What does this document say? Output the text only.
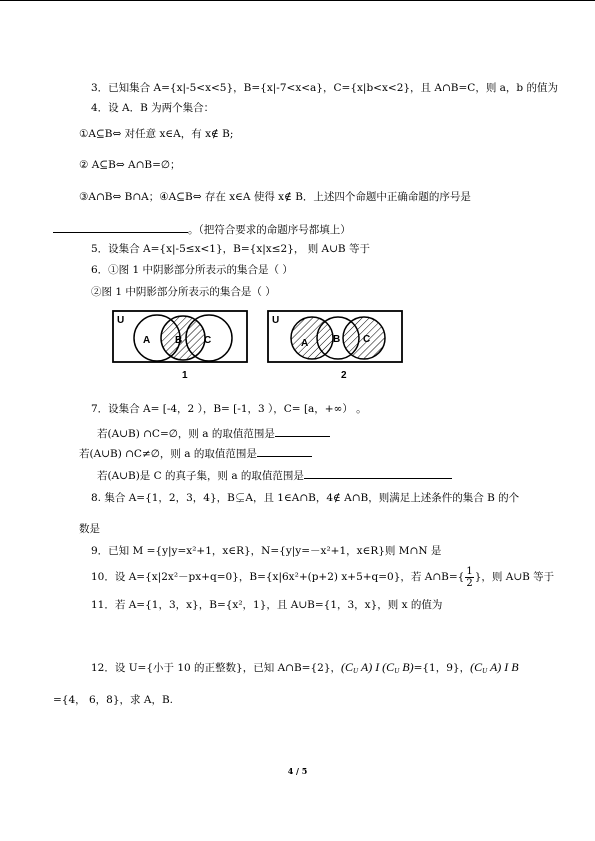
3．已知集合 A={x|-5<x<5}，B={x|-7<x<a}，C={x|b<x<2}，且 A∩B=C，则 a，b 的值为
4．设 A．B 为两个集合：
①A⊆B⇔ 对任意 x∈A，有 x∉ B;
② A⊆B⇔ A∩B=∅；
③A∩B⇔ B∩A；④A⊆B⇔ 存在 x∈A 使得 x∉ B．上述四个命题中正确命题的序号是
。（把符合要求的命题序号都填上）
5．设集合 A={x|-5≤x<1}，B={x|x≤2}， 则 A∪B 等于
6．①图 1 中阴影部分所表示的集合是（ ）
②图 1 中阴影部分所表示的集合是（ ）
U
A B C
U
A B C
1	2
7．设集合 A= [-4，2 ），B= [-1，3 ），C= [a，+∞） 。
若(A∪B) ∩C=∅，则 a 的取值范围是
若(A∪B) ∩C≠∅，则 a 的取值范围是
若(A∪B)是 C 的真子集，则 a 的取值范围是
8. 集合 A={1，2，3，4}，B⊊A，且 1∈A∩B，4∉ A∩B，则满足上述条件的集合 B 的个
数是
9．已知 M ={y|y=x²+1，x∈R}，N={y|y=－x²+1，x∈R}则 M∩N 是
10．设 A={x|2x²－px+q=0}，B={x|6x²+(p+2) x+5+q=0}，若 A∩B={ $\frac{1}{2}$ }，则 A∪B 等于
11．若 A={1，3，x}，B={x²，1}，且 A∪B={1，3，x}，则 x 的值为
12．设 U={小于 10 的正整数}，已知 A∩B={2}，($C_U$ A) I ($C_U$ B)={1，9}，($C_U$ A) I B
={4， 6，8}，求 A，B.
4 / 5
